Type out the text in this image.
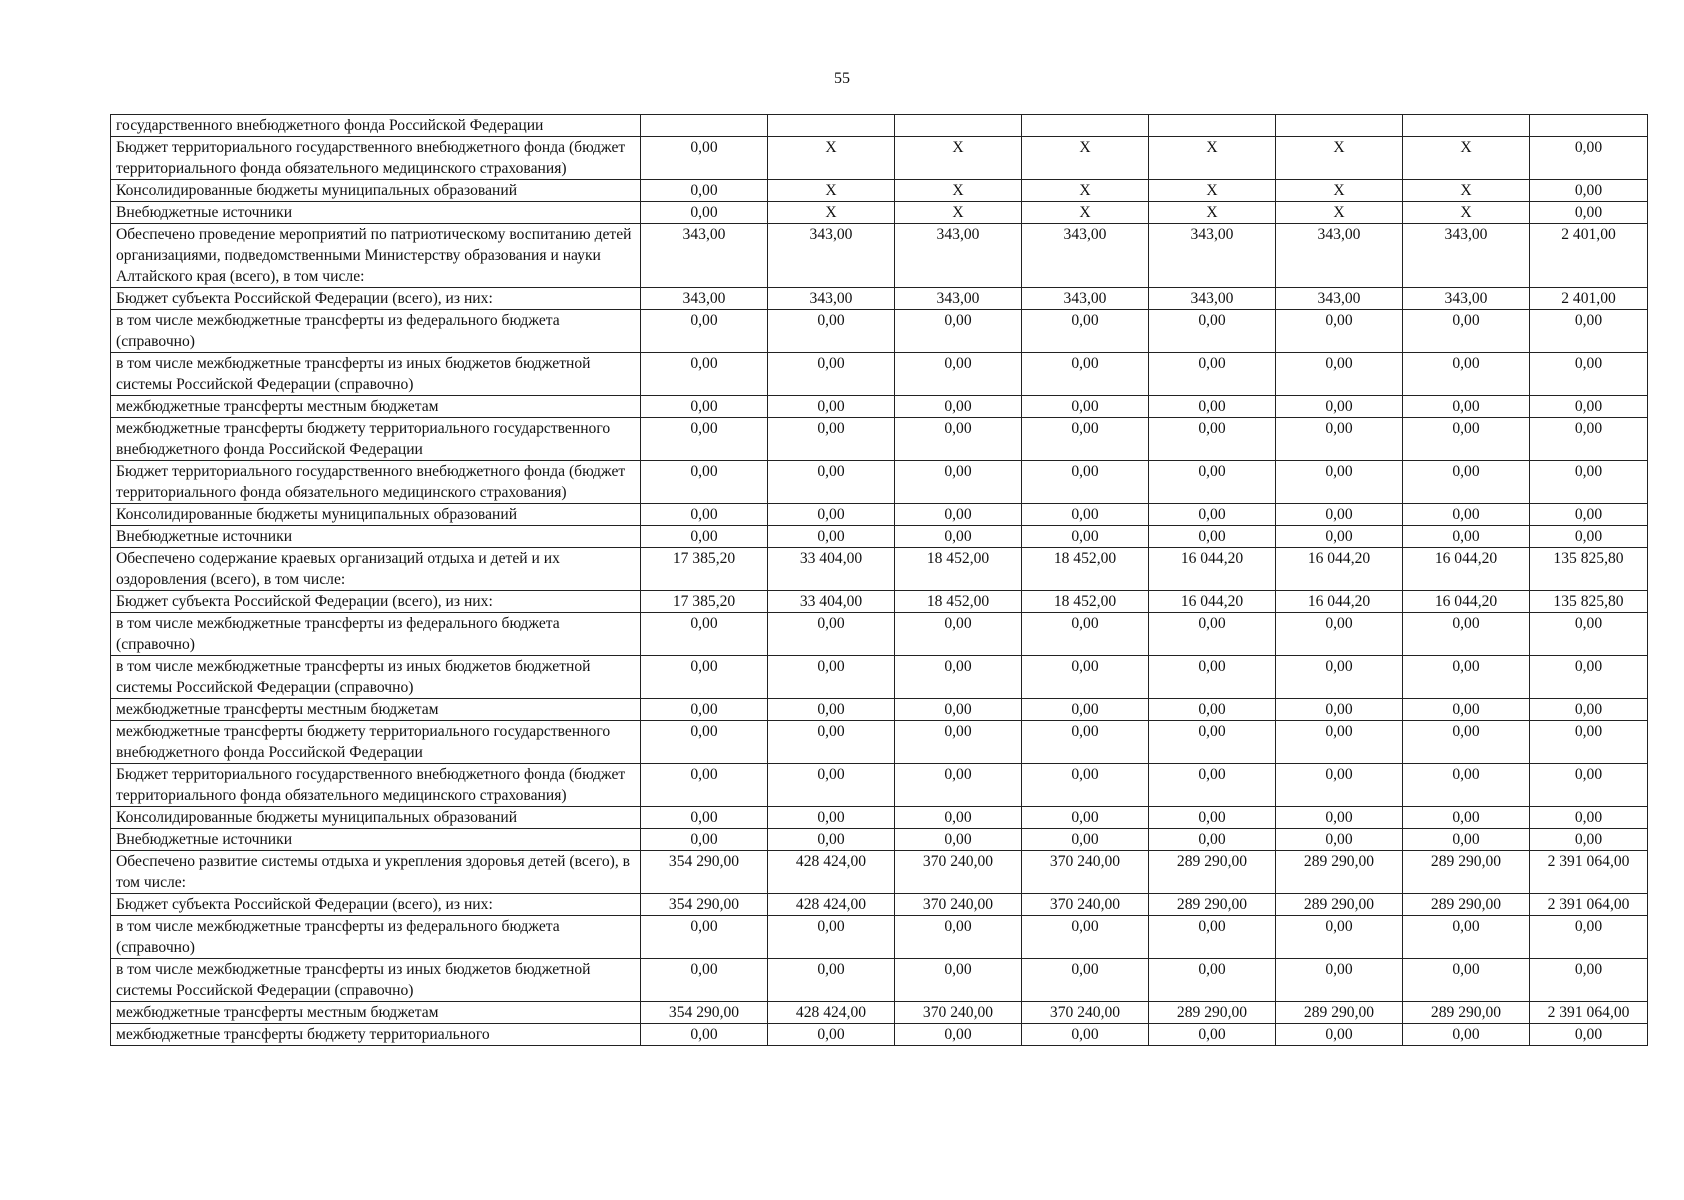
55
государственного внебюджетного фонда Российской Федерации								
Бюджет территориального государственного внебюджетного фонда (бюджет территориального фонда обязательного медицинского страхования)	0,00	Х	Х	Х	Х	Х	Х	0,00
Консолидированные бюджеты муниципальных образований	0,00	Х	Х	Х	Х	Х	Х	0,00
Внебюджетные источники	0,00	Х	Х	Х	Х	Х	Х	0,00
Обеспечено проведение мероприятий по патриотическому воспитанию детей организациями, подведомственными Министерству образования и науки Алтайского края (всего), в том числе:	343,00	343,00	343,00	343,00	343,00	343,00	343,00	2 401,00
Бюджет субъекта Российской Федерации (всего), из них:	343,00	343,00	343,00	343,00	343,00	343,00	343,00	2 401,00
в том числе межбюджетные трансферты из федерального бюджета (справочно)	0,00	0,00	0,00	0,00	0,00	0,00	0,00	0,00
в том числе межбюджетные трансферты из иных бюджетов бюджетной системы Российской Федерации (справочно)	0,00	0,00	0,00	0,00	0,00	0,00	0,00	0,00
межбюджетные трансферты местным бюджетам	0,00	0,00	0,00	0,00	0,00	0,00	0,00	0,00
межбюджетные трансферты бюджету территориального государственного внебюджетного фонда Российской Федерации	0,00	0,00	0,00	0,00	0,00	0,00	0,00	0,00
Бюджет территориального государственного внебюджетного фонда (бюджет территориального фонда обязательного медицинского страхования)	0,00	0,00	0,00	0,00	0,00	0,00	0,00	0,00
Консолидированные бюджеты муниципальных образований	0,00	0,00	0,00	0,00	0,00	0,00	0,00	0,00
Внебюджетные источники	0,00	0,00	0,00	0,00	0,00	0,00	0,00	0,00
Обеспечено содержание краевых организаций отдыха и детей и их оздоровления (всего), в том числе:	17 385,20	33 404,00	18 452,00	18 452,00	16 044,20	16 044,20	16 044,20	135 825,80
Бюджет субъекта Российской Федерации (всего), из них:	17 385,20	33 404,00	18 452,00	18 452,00	16 044,20	16 044,20	16 044,20	135 825,80
в том числе межбюджетные трансферты из федерального бюджета (справочно)	0,00	0,00	0,00	0,00	0,00	0,00	0,00	0,00
в том числе межбюджетные трансферты из иных бюджетов бюджетной системы Российской Федерации (справочно)	0,00	0,00	0,00	0,00	0,00	0,00	0,00	0,00
межбюджетные трансферты местным бюджетам	0,00	0,00	0,00	0,00	0,00	0,00	0,00	0,00
межбюджетные трансферты бюджету территориального государственного внебюджетного фонда Российской Федерации	0,00	0,00	0,00	0,00	0,00	0,00	0,00	0,00
Бюджет территориального государственного внебюджетного фонда (бюджет территориального фонда обязательного медицинского страхования)	0,00	0,00	0,00	0,00	0,00	0,00	0,00	0,00
Консолидированные бюджеты муниципальных образований	0,00	0,00	0,00	0,00	0,00	0,00	0,00	0,00
Внебюджетные источники	0,00	0,00	0,00	0,00	0,00	0,00	0,00	0,00
Обеспечено развитие системы отдыха и укрепления здоровья детей (всего), в том числе:	354 290,00	428 424,00	370 240,00	370 240,00	289 290,00	289 290,00	289 290,00	2 391 064,00
Бюджет субъекта Российской Федерации (всего), из них:	354 290,00	428 424,00	370 240,00	370 240,00	289 290,00	289 290,00	289 290,00	2 391 064,00
в том числе межбюджетные трансферты из федерального бюджета (справочно)	0,00	0,00	0,00	0,00	0,00	0,00	0,00	0,00
в том числе межбюджетные трансферты из иных бюджетов бюджетной системы Российской Федерации (справочно)	0,00	0,00	0,00	0,00	0,00	0,00	0,00	0,00
межбюджетные трансферты местным бюджетам	354 290,00	428 424,00	370 240,00	370 240,00	289 290,00	289 290,00	289 290,00	2 391 064,00
межбюджетные трансферты бюджету территориального	0,00	0,00	0,00	0,00	0,00	0,00	0,00	0,00
